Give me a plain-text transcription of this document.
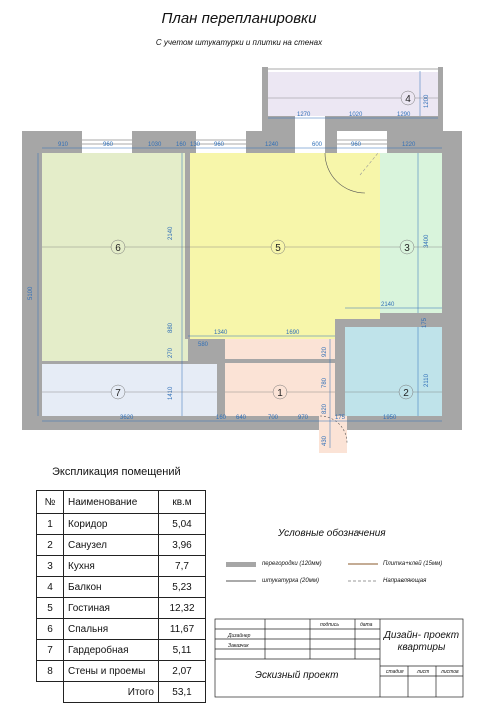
План перепланировки
С учетом штукатурки и плитки на стенах
910	960	1030 160 130 960	1240	600	960	1220
1270	1020	1290
1200
5100
2140
880
270
1410
3400
1340	1690
2140
175
580
920
780
820
2110
3620	160 640	700	970	175	1950
430
6	5	3
4
7	1	2
Экспликация помещений
№	Наименование	кв.м
1	Коридор	5,04
2	Санузел	3,96
3	Кухня	7,7
4	Балкон	5,23
5	Гостиная	12,32
6	Спальня	11,67
7	Гардеробная	5,11
8	Стены и проемы	2,07
	Итого	53,1
Условные обозначения
перегородки (120мм)	Плитка+клей (15мм)
штукатурка (20мм)	Направляющая
подпись	дата
Дизайнер
Заказчик
Дизайн- проект
квартиры
Эскизный проект	стадия	лист листов
